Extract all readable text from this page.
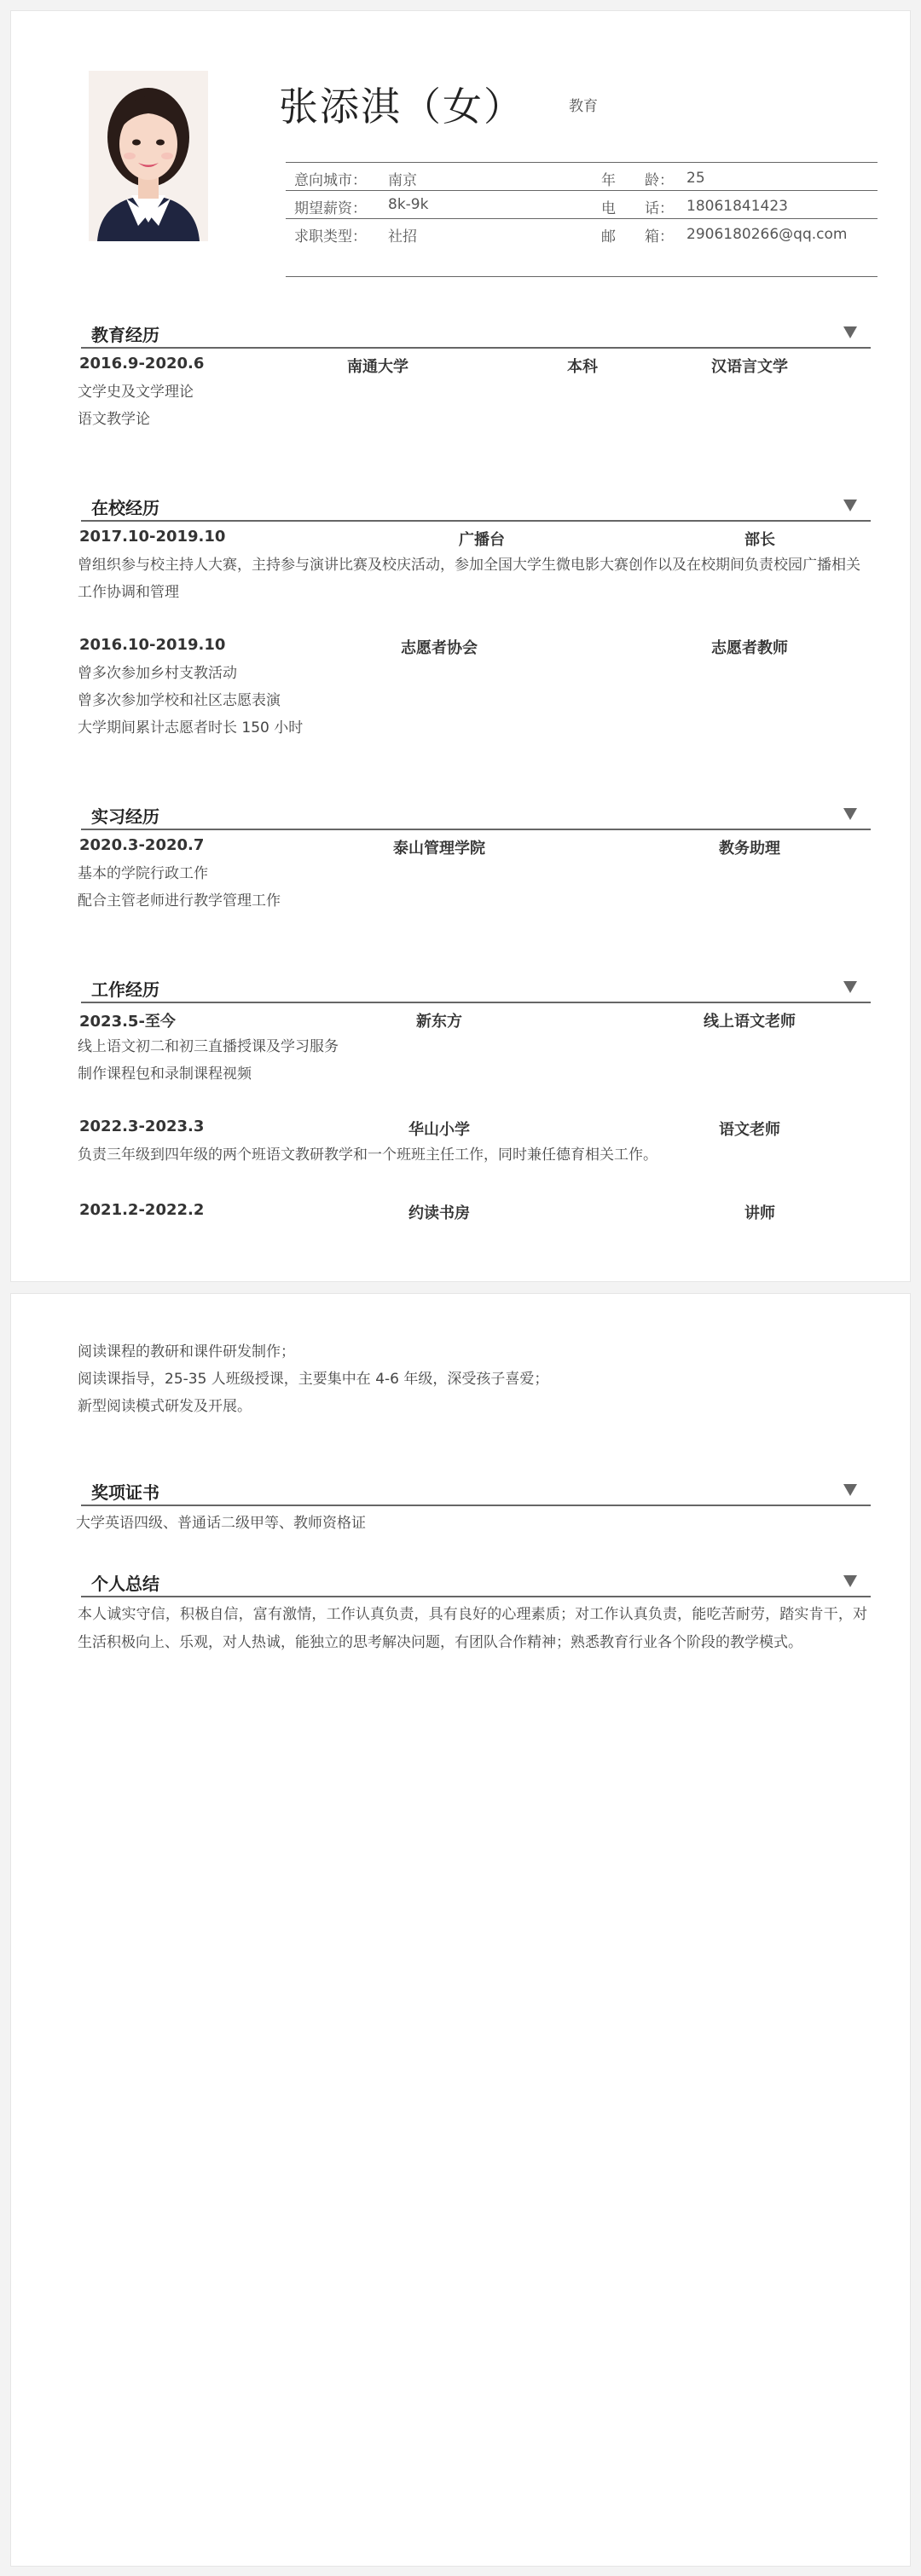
张添淇（女）	教育
意向城市： 南京	年　　龄： 25
期望薪资： 8k-9k	电　　话： 18061841423
求职类型： 社招	邮　　箱： 2906180266@qq.com
教育经历
2016.9-2020.6	南通大学	本科	汉语言文学
文学史及文学理论
语文教学论
在校经历
2017.10-2019.10	广播台	部长
曾组织参与校主持人大赛，主持参与演讲比赛及校庆活动，参加全国大学生微电影大赛创作以及在校期间负责校园广播相关工作协调和管理
2016.10-2019.10	志愿者协会	志愿者教师
曾多次参加乡村支教活动
曾多次参加学校和社区志愿表演
大学期间累计志愿者时长 150 小时
实习经历
2020.3-2020.7	泰山管理学院	教务助理
基本的学院行政工作
配合主管老师进行教学管理工作
工作经历
2023.5-至今	新东方	线上语文老师
线上语文初二和初三直播授课及学习服务
制作课程包和录制课程视频
2022.3-2023.3	华山小学	语文老师
负责三年级到四年级的两个班语文教研教学和一个班班主任工作，同时兼任德育相关工作。
2021.2-2022.2	约读书房	讲师
阅读课程的教研和课件研发制作；
阅读课指导，25-35 人班级授课，主要集中在 4-6 年级，深受孩子喜爱；
新型阅读模式研发及开展。
奖项证书
大学英语四级、普通话二级甲等、教师资格证
个人总结
本人诚实守信，积极自信，富有激情，工作认真负责，具有良好的心理素质；对工作认真负责，能吃苦耐劳，踏实肯干，对生活积极向上、乐观，对人热诚，能独立的思考解决问题，有团队合作精神；熟悉教育行业各个阶段的教学模式。
